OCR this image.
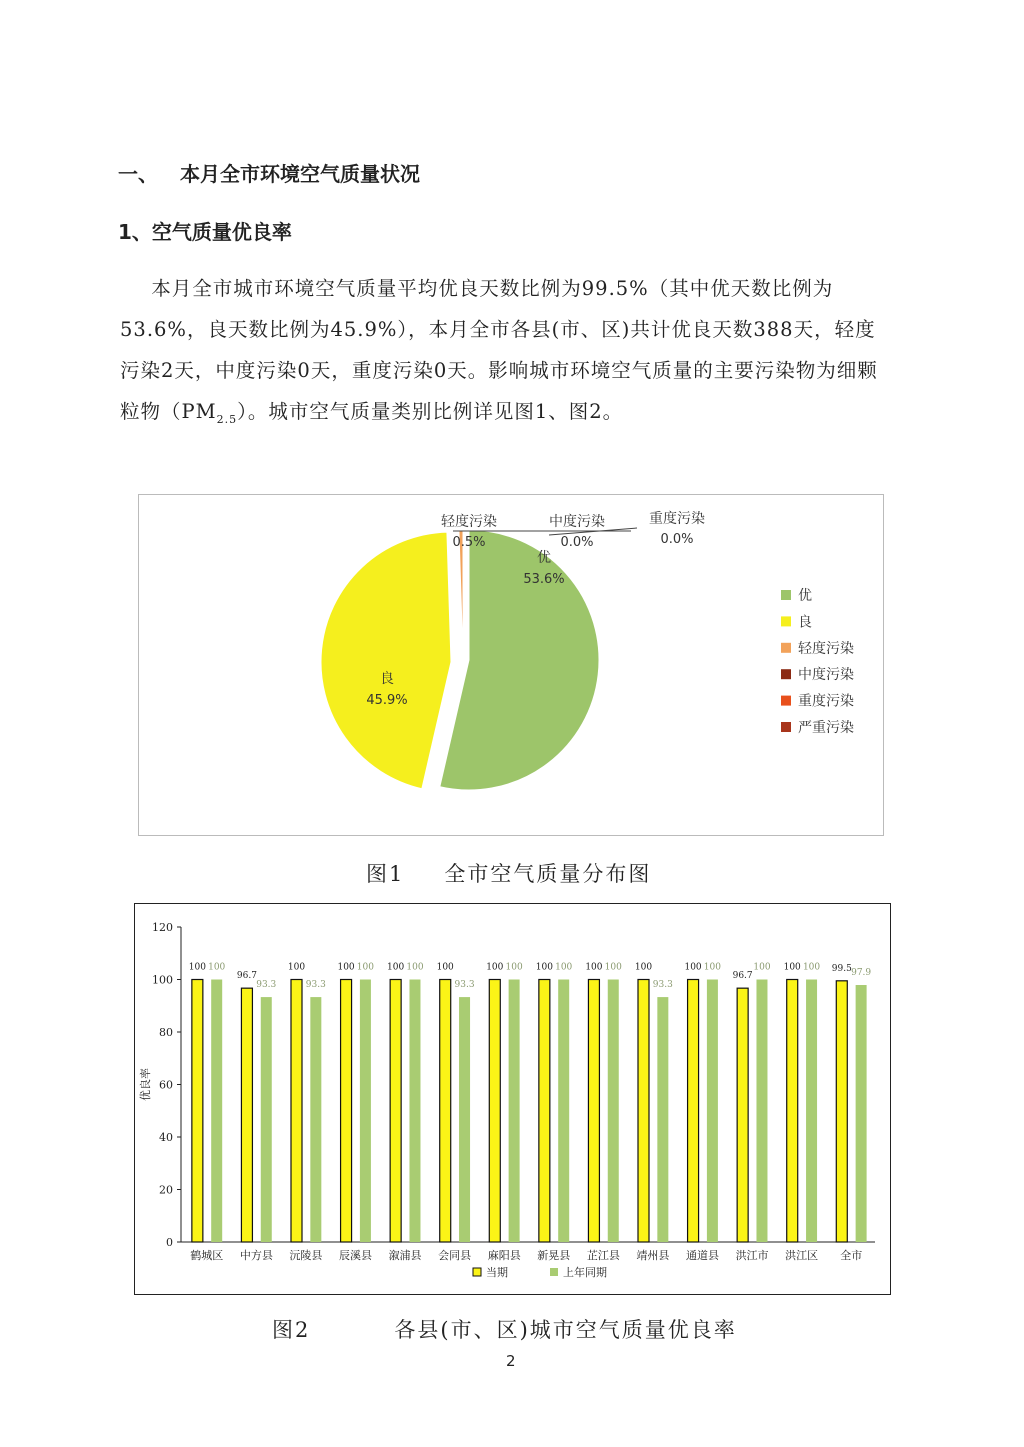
一、 本月全市环境空气质量状况
1、空气质量优良率

  本月全市城市环境空气质量平均优良天数比例为99.5%（其中优天数比例为53.6%，良天数比例为45.9%），本月全市各县(市、区)共计优良天数388天，轻度污染2天，中度污染0天，重度污染0天。影响城市环境空气质量的主要污染物为细颗粒物$(PM_{2.5})$。城市空气质量类别比例详见图1、图2。

优
53.6%
良
45.9%
轻度污染
0.5%
中度污染
0.0%
重度污染
0.0%
优
良
轻度污染
中度污染
重度污染
严重污染
图1 全市空气质量分布图
0
20
40
60
80
100
120
优良率
100 100
鹤城区
96.7
93.3
中方县
100
93.3
沅陵县
100 100
辰溪县
100 100
溆浦县
100
93.3
会同县
100 100
麻阳县
100 100
新晃县
100 100
芷江县
100
93.3
靖州县
100 100
通道县
96.7
100
洪江市
100 100
洪江区
99.5 97.9
全市
当期	上年同期
图2	各县(市、区)城市空气质量优良率
2
